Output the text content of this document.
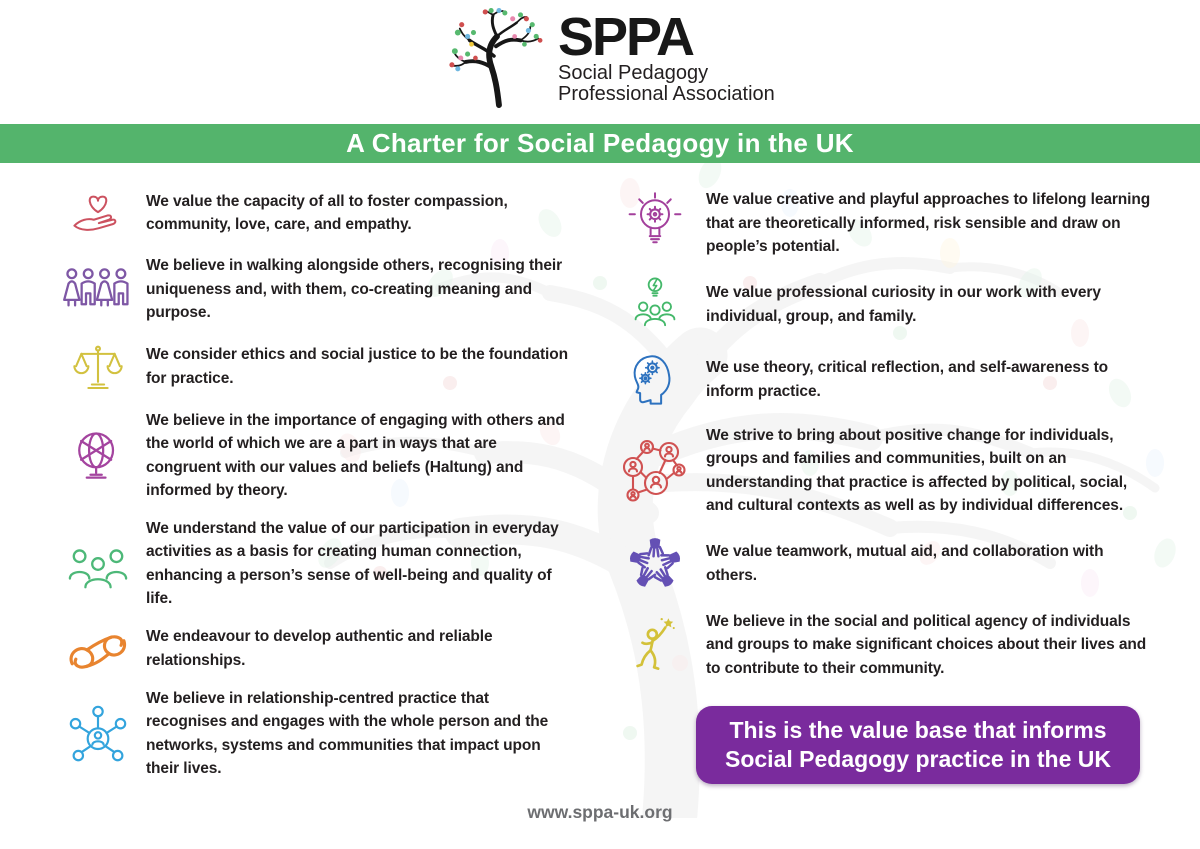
SPPA
Social Pedagogy
Professional Association
A Charter for Social Pedagogy in the UK

We value the capacity of all to foster compassion, community, love, care, and empathy.

We believe in walking alongside others, recognising their uniqueness and, with them, co-creating meaning and purpose.

We consider ethics and social justice to be the foundation for practice.

We believe in the importance of engaging with others and the world of which we are a part in ways that are congruent with our values and beliefs (Haltung) and informed by theory.

We understand the value of our participation in everyday activities as a basis for creating human connection, enhancing a person’s sense of well-being and quality of life.

We endeavour to develop authentic and reliable relationships.

We believe in relationship-centred practice that recognises and engages with the whole person and the networks, systems and communities that impact upon their lives.

We value creative and playful approaches to lifelong learning that are theoretically informed, risk sensible and draw on people’s potential.

We value professional curiosity in our work with every individual, group, and family.

We use theory, critical reflection, and self-awareness to inform practice.

We strive to bring about positive change for individuals, groups and families and communities, built on an understanding that practice is affected by political, social, and cultural contexts as well as by individual differences.

We value teamwork, mutual aid, and collaboration with others.

We believe in the social and political agency of individuals and groups to make significant choices about their lives and to contribute to their community.

This is the value base that informs Social Pedagogy practice in the UK
www.sppa-uk.org
